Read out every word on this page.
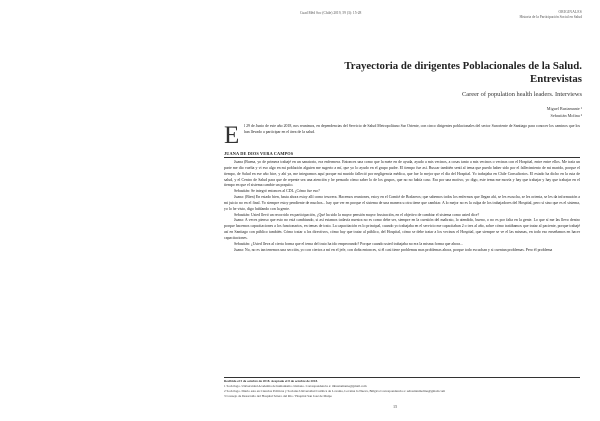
Cuad Méd Soc (Chile) 2019, 59 (3): 15-28	ORIGINALES
Historia de la Participación Social en Salud
Trayectoria de dirigentes Poblacionales de la Salud.
Entrevistas
Career of population health leaders. Interviews
Miguel Bustamante ¹
Sebastián Molina ²
E l 29 de Junio de este año 2018, nos reunimos, en dependencias del Servicio de Salud Metropolitano Sur Oriente, con cinco dirigentes poblacionales del sector Suroriente de Santiago para conocer los caminos que los han llevado a participar en el área de la salud.
JUANA DE DIOS VERA CAMPOS

Juana (Buena, yo de primera trabajé en un sanatorio, era enfermera. Entonces una como que la mete en de ayuda, ayudo a mis vecinos, a cosas tanto a mis vecinos o vecinas con el Hospital, entre entre ellos. Me traía un parte me dio vuelta y vi eso algo en mi población alguien me sugerio a mí, que yo lo ayudo en el grupo padre. El tiempo fue así. Buscar también sentí al tema que puedo haber sido por el fallecimiento de mi marido, porque el tiempo, de Salud en ese año hice, y ahí ya, me integramos aquí porque mi marido falleció por negligencia médica, que fue lo mejor que el día del Hospital. Yo trabajaba en Chile Consultorios. El estado ha dicho en la ruta de salud, y el Centro de Salud para que de repente sea una atención y he pensado cómo saber lo de los grupos, que no no había caso. Era por una motivo, yo digo, este tema me movía y hay que trabajar y hay que trabajar en el tiempo en que el sistema cambie un poquito.

Sebastián: Se integró entonces al CDL ¿Cómo fue eso?

Juana: (Bien) En estado bien, hasta ahora estoy allí como tesorera. Hacemos reuniones, estoy en el Comité de Bodareos; que sabemos todos los enfermos que llegan ahí, se les escucha, se les orienta, se les da información a mi juicio no en el final. Yo siempre estoy pendiente de muchos... hay que ver en porque el sistema de una manera u otra tiene que cambiar. A lo mejor no es la culpa de los trabajadores del Hospital, pero sí sino que es el sistema, yo lo he visto, digo hablando con la gente.

Sebastián: Usted llevó un recorrido en participación, ¿Qué ha sido la mayor pensión mayor frustración, en el objetivo de cambiar el sistema como usted dice?

Juana: A veces pienso que esto no está cambiando, si así estamos todavía nuestra no es como debe ser, siempre en la cuestión del maltrato, lo atendido, bueno, o no es por falta en la gente. Lo que sí me las llevo dentro porque hacemos capacitaciones a los funcionarios, en temas de trato. La capacitación es lo principal, cuando yo trabajaba en el servicio me capacitaban 2 o tres al año, sobre cómo tratábamos que tratar al paciente, porque trabajé así en Santiago con público también. Cómo tratar a los directivos, cómo hay que tratar al público, del Hospital, cómo se debe tratar a los vecinos el Hospital, que siempre se ve el las mismas, en todo eso enseñamos en hacer capacitaciones.

Sebastián: ¿Usted lleva al cierta forma que el tema del trato ha ido empeorando? Porque cuando usted trabajaba no era la misma forma que ahora...

Juana: No, no es tan tenemos una sección, yo con ciertos a mí en el jefe, con doña entonces, si él casi tiene problemas mas problemas ahora, porque todo escuchan y si cuentan problemas. Pero él problema

Recibido el 5 de octubre de 2018. Aceptado el 8 de octubre de 2018.
1 Sociólogo. Universidad Academia de humanismo cristiano. Correspondencia a: mbustamante@gmail.com
2 Sociólogo. Diario esta en Ciencias Políticas y Sociales Universidad Católica de Lovaina, Lovaina la Nueva, Bélgica Correspondencia a: sebastianmolina@gmail.com
3 Consejo de Desarrollo del Hospital Sótero del Río / Hospital San José de Maipo
15
